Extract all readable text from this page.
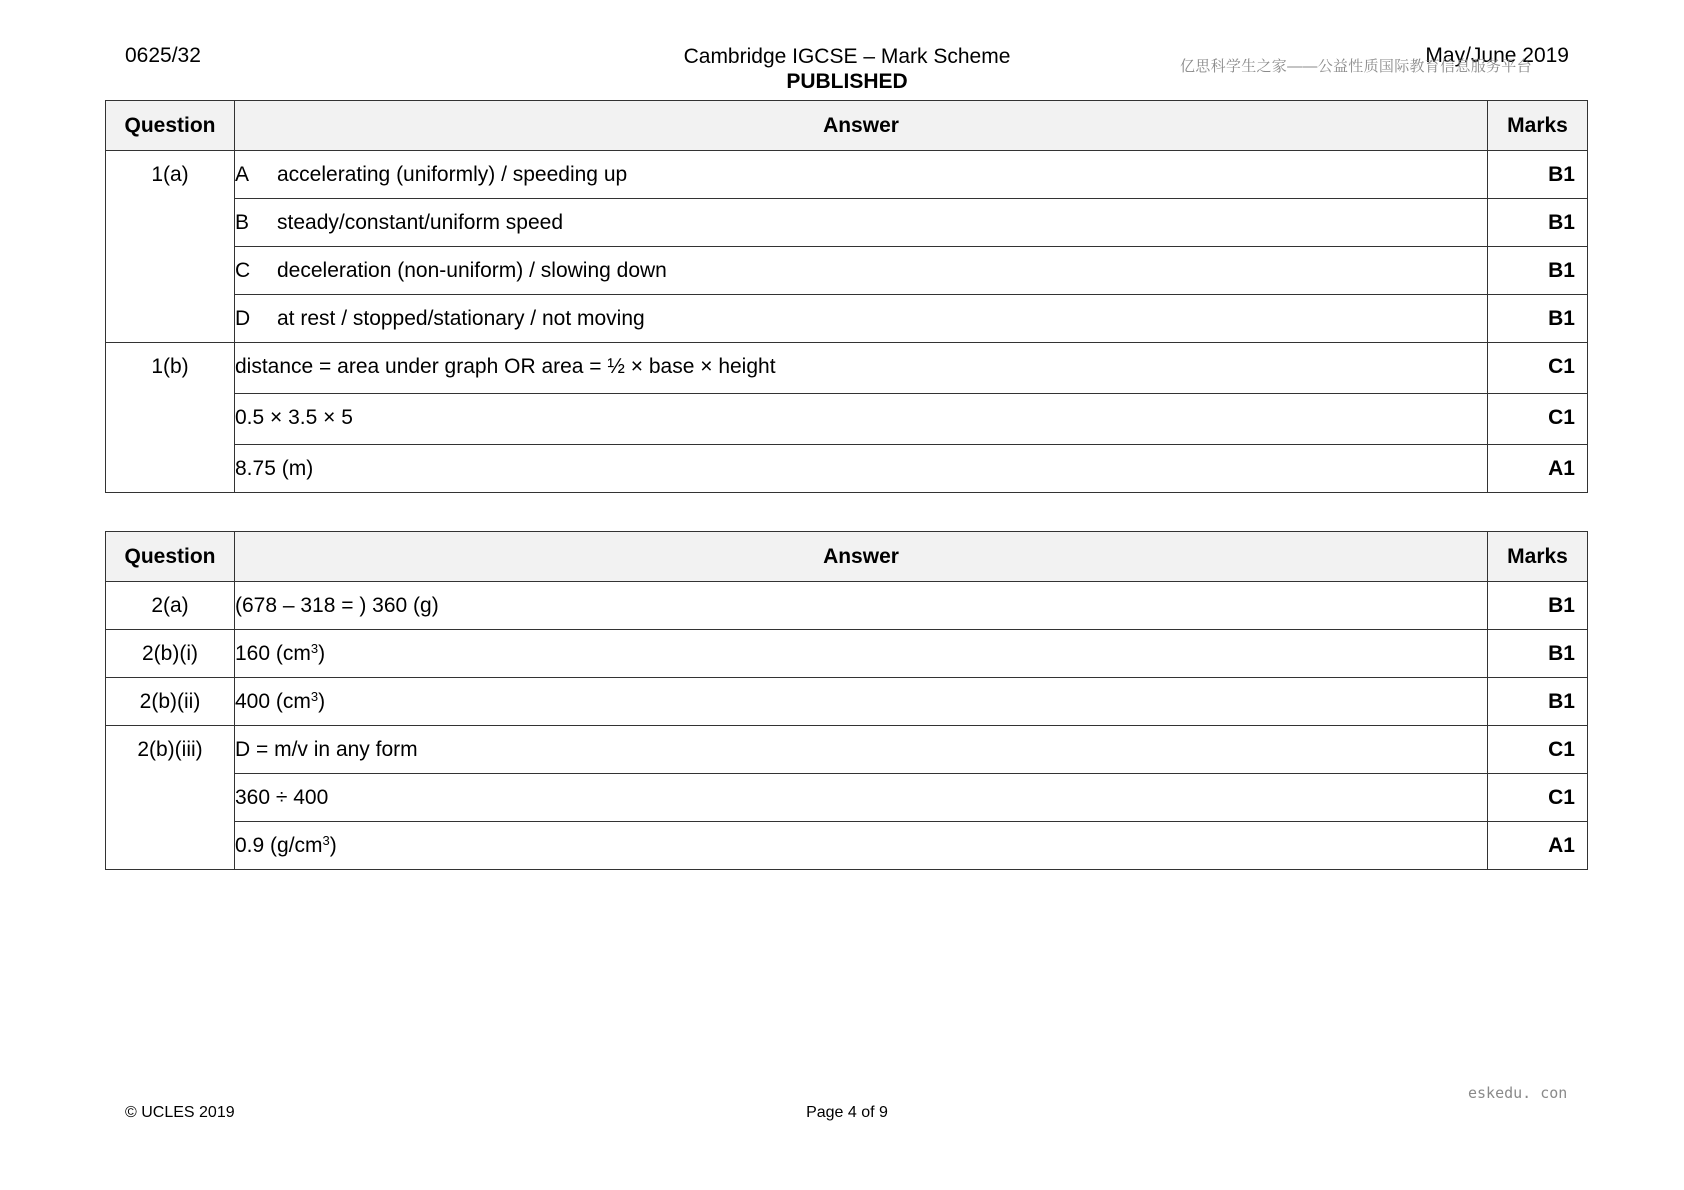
0625/32	Cambridge IGCSE – Mark Scheme
PUBLISHED
May/June 2019
亿思科学生之家——公益性质国际教育信息服务平台
Question	Answer	Marks
1(a)	A accelerating (uniformly) / speeding up	B1
	B steady/constant/uniform speed	B1
	C deceleration (non-uniform) / slowing down	B1
	D at rest / stopped/stationary / not moving	B1
1(b)	distance = area under graph OR area = ½ × base × height	C1
	0.5 × 3.5 × 5	C1
	8.75 (m)	A1
Question	Answer	Marks
2(a)	(678 – 318 = ) 360 (g)	B1
2(b)(i)	160 $(cm^3)$	B1
2(b)(ii)	400 $(cm^3)$	B1
2(b)(iii)	D = m/v in any form	C1
	360 ÷ 400	C1
	0.9 $(g/cm^3)$	A1
eskedu. con
© UCLES 2019	Page 4 of 9
